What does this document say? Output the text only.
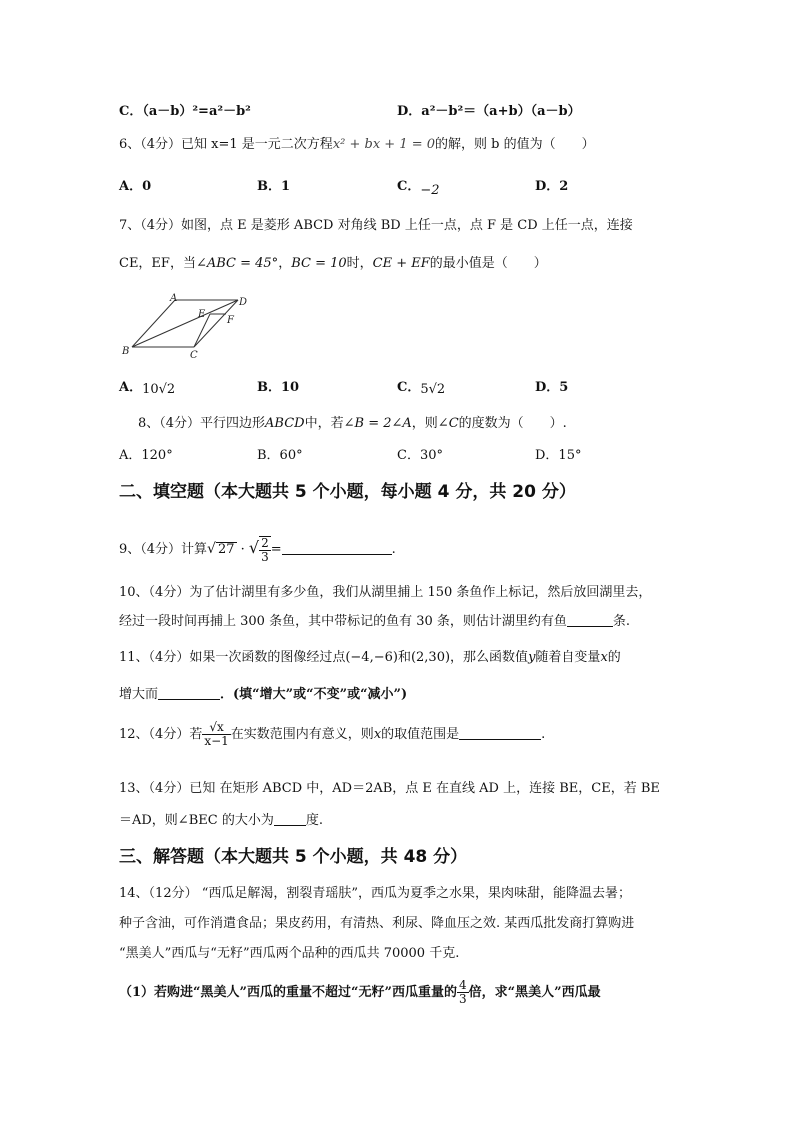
C．（a－b）²=a²－b²	D．a²－b²＝（a+b）（a－b）
6、（4分）已知 x=1 是一元二次方程x² + bx + 1 = 0的解，则 b 的值为（　　）
A．0	B．1	C．−2	D．2
7、（4分）如图，点 E 是菱形 ABCD 对角线 BD 上任一点，点 F 是 CD 上任一点，连接
CE，EF，当∠ABC = 45°，BC = 10时，CE + EF的最小值是（　　）
A
B	C
D
E
F
A．10√2	B．10	C．5√2	D．5
8、（4分）平行四边形ABCD中，若∠B = 2∠A，则∠C的度数为（　　）.
A．120°	B．60°	C．30°	D．15°
二、填空题（本大题共 5 个小题，每小题 4 分，共 20 分）
9、（4分）计算√ 27 · √ $\frac{2}{3}$ =	.
10、（4分）为了估计湖里有多少鱼，我们从湖里捕上 150 条鱼作上标记，然后放回湖里去，
经过一段时间再捕上 300 条鱼，其中带标记的鱼有 30 条，则估计湖里约有鱼	条.
11、（4分）如果一次函数的图像经过点(−4,−6)和(2,30)，那么函数值y随着自变量x的
增大而	．(填“增大”或“不变”或“减小”)
12、（4分）若 $\frac{√x}{x-1}$ 在实数范围内有意义，则x的取值范围是	.
13、（4分）已知 在矩形 ABCD 中，AD＝2AB，点 E 在直线 AD 上，连接 BE，CE，若 BE
＝AD，则∠BEC 的大小为 度.
三、解答题（本大题共 5 个小题，共 48 分）
14、（12分） “西瓜足解渴，割裂青瑶肤”，西瓜为夏季之水果，果肉味甜，能降温去暑；
种子含油，可作消遣食品；果皮药用，有清热、利尿、降血压之效. 某西瓜批发商打算购进
“黑美人”西瓜与“无籽”西瓜两个品种的西瓜共 70000 千克.
（1）若购进“黑美人”西瓜的重量不超过“无籽”西瓜重量的 $\frac{4}{3}$ 倍，求“黑美人”西瓜最
